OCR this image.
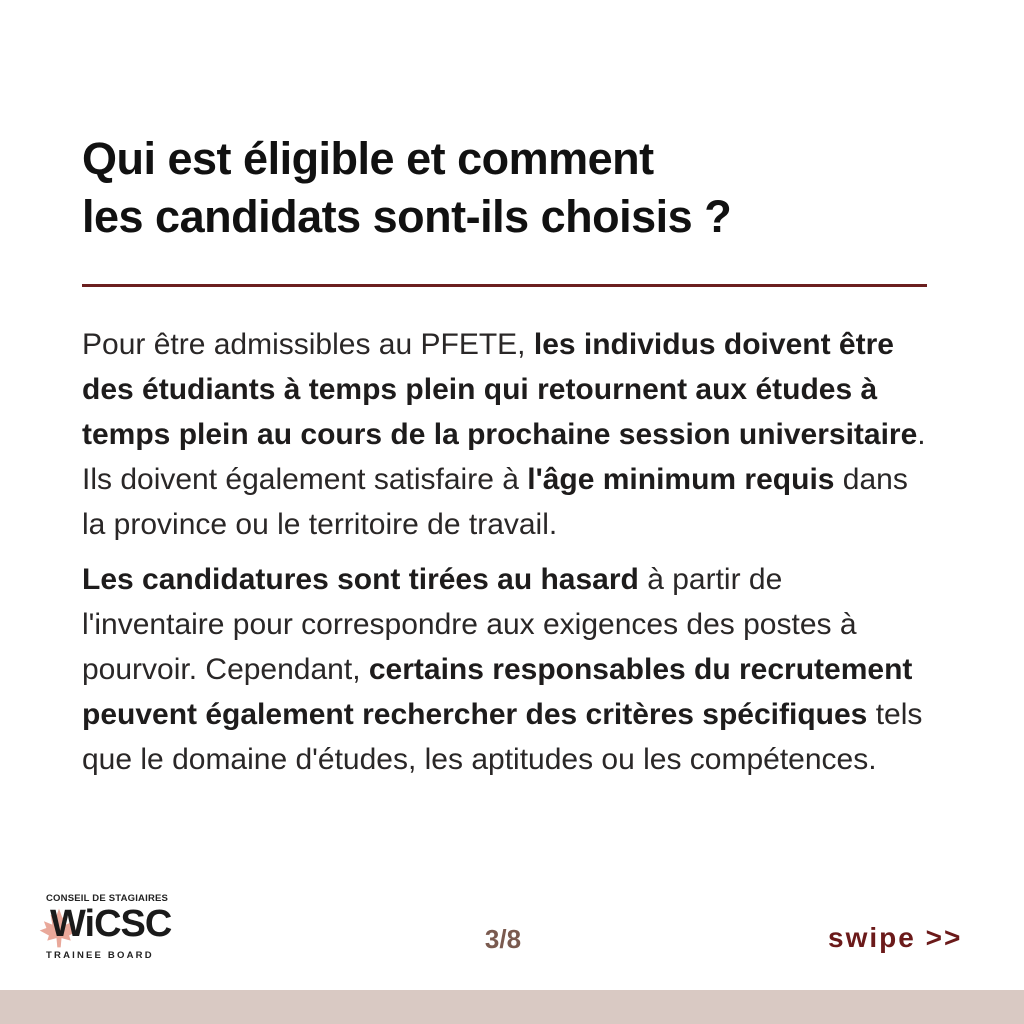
Qui est éligible et comment
les candidats sont-ils choisis ?

Pour être admissibles au PFETE, les individus doivent être des étudiants à temps plein qui retournent aux études à temps plein au cours de la prochaine session universitaire. Ils doivent également satisfaire à l'âge minimum requis dans la province ou le territoire de travail.

Les candidatures sont tirées au hasard à partir de l'inventaire pour correspondre aux exigences des postes à pourvoir. Cependant, certains responsables du recrutement peuvent également rechercher des critères spécifiques tels que le domaine d'études, les aptitudes ou les compétences.

CONSEIL DE STAGIAIRES
WiCSC
TRAINEE BOARD
3/8	swipe >>
